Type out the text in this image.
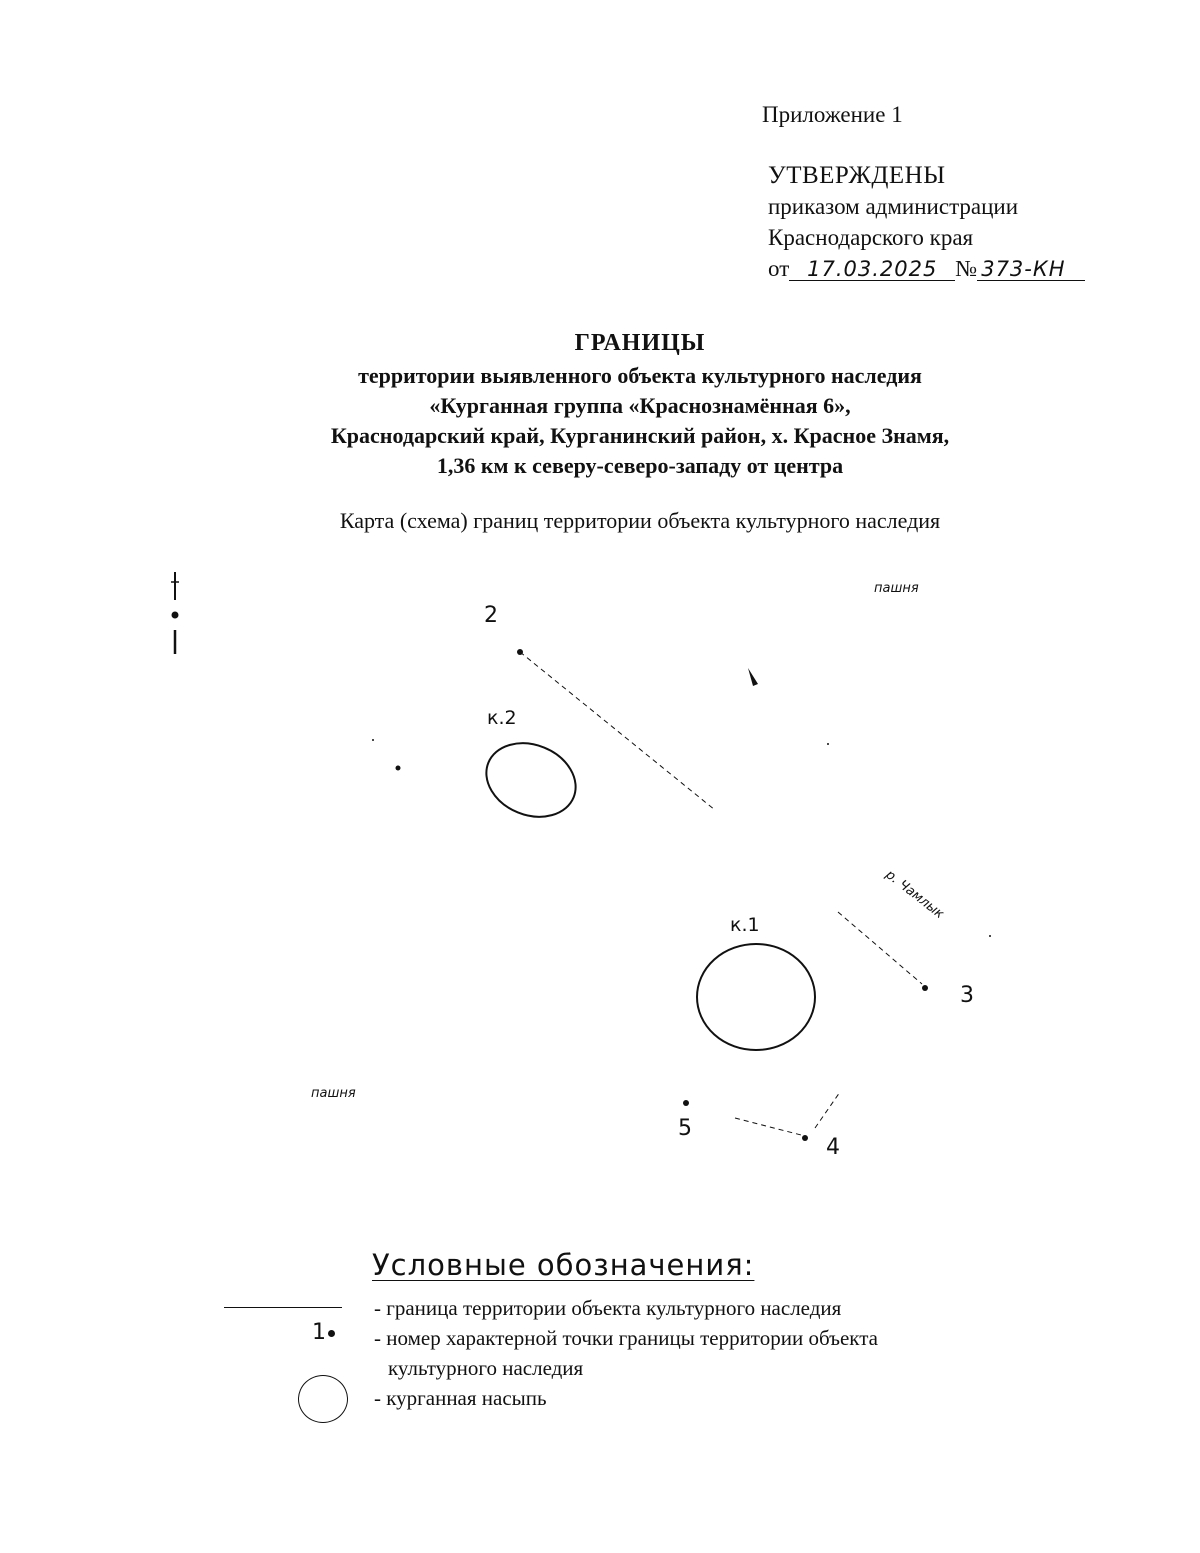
Приложение 1
УТВЕРЖДЕНЫ
приказом администрации
Краснодарского края
от 17.03.2025 № 373-КН
ГРАНИЦЫ
территории выявленного объекта культурного наследия
«Курганная группа «Краснознамённая 6»,
Краснодарский край, Курганинский район, х. Красное Знамя,
1,36 км к северу-северо-западу от центра
Карта (схема) границ территории объекта культурного наследия
пашня
пашня
р. Чамлык
к.2
к.1
2
3
4
5
Условные обозначения:
- граница территории объекта культурного наследия
1	- номер характерной точки границы территории объекта
культурного наследия
- курганная насыпь
